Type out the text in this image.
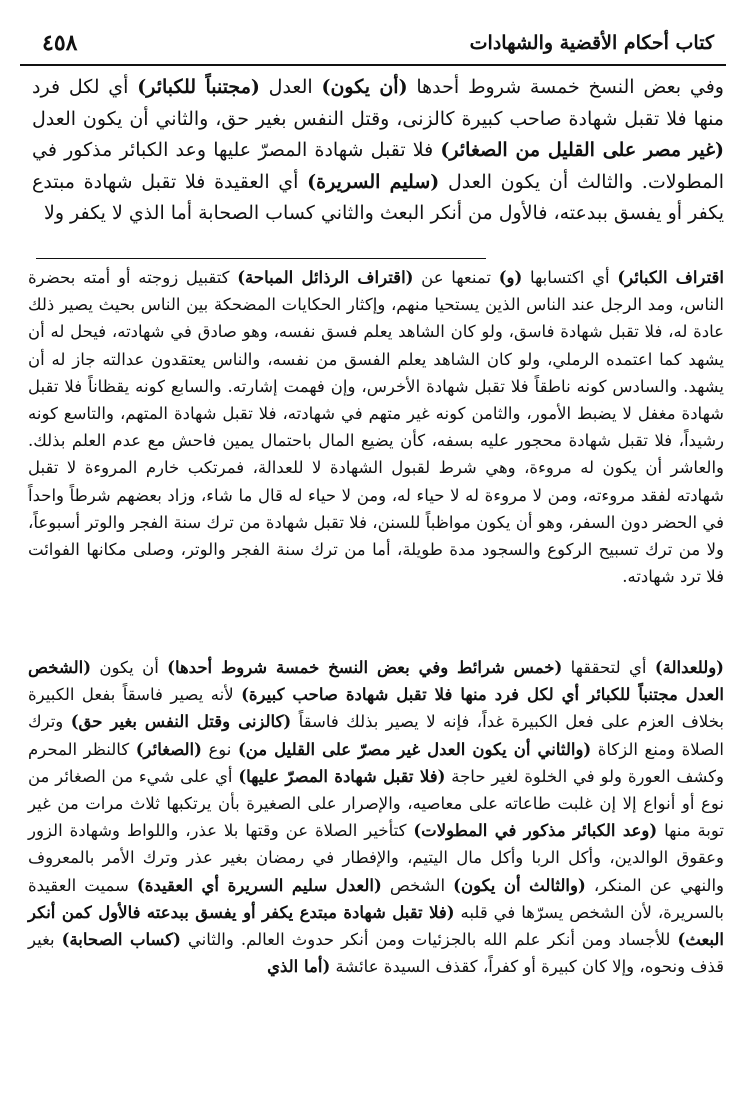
٤٥٨	كتاب أحكام الأقضية والشهادات

وفي بعض النسخ خمسة شروط أحدها (أن يكون) العدل (مجتنباً للكبائر) أي لكل فرد منها فلا تقبل شهادة صاحب كبيرة كالزنى، وقتل النفس بغير حق، والثاني أن يكون العدل (غير مصر على القليل من الصغائر) فلا تقبل شهادة المصرّ عليها وعد الكبائر مذكور في المطولات. والثالث أن يكون العدل (سليم السريرة) أي العقيدة فلا تقبل شهادة مبتدع يكفر أو يفسق ببدعته، فالأول من أنكر البعث والثاني كساب الصحابة أما الذي لا يكفر ولا

اقتراف الكبائر) أي اكتسابها (و) تمنعها عن (اقتراف الرذائل المباحة) كتقبيل زوجته أو أمته بحضرة الناس، ومد الرجل عند الناس الذين يستحيا منهم، وإكثار الحكايات المضحكة بين الناس بحيث يصير ذلك عادة له، فلا تقبل شهادة فاسق، ولو كان الشاهد يعلم فسق نفسه، وهو صادق في شهادته، فيحل له أن يشهد كما اعتمده الرملي، ولو كان الشاهد يعلم الفسق من نفسه، والناس يعتقدون عدالته جاز له أن يشهد. والسادس كونه ناطقاً فلا تقبل شهادة الأخرس، وإن فهمت إشارته. والسابع كونه يقظاناً فلا تقبل شهادة مغفل لا يضبط الأمور، والثامن كونه غير متهم في شهادته، فلا تقبل شهادة المتهم، والتاسع كونه رشيداً، فلا تقبل شهادة محجور عليه بسفه، كأن يضيع المال باحتمال يمين فاحش مع عدم العلم بذلك. والعاشر أن يكون له مروءة، وهي شرط لقبول الشهادة لا للعدالة، فمرتكب خارم المروءة لا تقبل شهادته لفقد مروءته، ومن لا مروءة له لا حياء له، ومن لا حياء له قال ما شاء، وزاد بعضهم شرطاً واحداً في الحضر دون السفر، وهو أن يكون مواظباً للسنن، فلا تقبل شهادة من ترك سنة الفجر والوتر أسبوعاً، ولا من ترك تسبيح الركوع والسجود مدة طويلة، أما من ترك سنة الفجر والوتر، وصلى مكانها الفوائت فلا ترد شهادته.

(وللعدالة) أي لتحققها (خمس شرائط وفي بعض النسخ خمسة شروط أحدها) أن يكون (الشخص العدل مجتنباً للكبائر أي لكل فرد منها فلا تقبل شهادة صاحب كبيرة) لأنه يصير فاسقاً بفعل الكبيرة بخلاف العزم على فعل الكبيرة غداً، فإنه لا يصير بذلك فاسقاً (كالزنى وقتل النفس بغير حق) وترك الصلاة ومنع الزكاة (والثاني أن يكون العدل غير مصرّ على القليل من) نوع (الصغائر) كالنظر المحرم وكشف العورة ولو في الخلوة لغير حاجة (فلا تقبل شهادة المصرّ عليها) أي على شيء من الصغائر من نوع أو أنواع إلا إن غلبت طاعاته على معاصيه، والإصرار على الصغيرة بأن يرتكبها ثلاث مرات من غير توبة منها (وعد الكبائر مذكور في المطولات) كتأخير الصلاة عن وقتها بلا عذر، واللواط وشهادة الزور وعقوق الوالدين، وأكل الربا وأكل مال اليتيم، والإفطار في رمضان بغير عذر وترك الأمر بالمعروف والنهي عن المنكر، (والثالث أن يكون) الشخص (العدل سليم السريرة أي العقيدة) سميت العقيدة بالسريرة، لأن الشخص يسرّها في قلبه (فلا تقبل شهادة مبتدع يكفر أو يفسق ببدعته فالأول كمن أنكر البعث) للأجساد ومن أنكر علم الله بالجزئيات ومن أنكر حدوث العالم. والثاني (كساب الصحابة) بغير قذف ونحوه، وإلا كان كبيرة أو كفراً، كقذف السيدة عائشة (أما الذي
